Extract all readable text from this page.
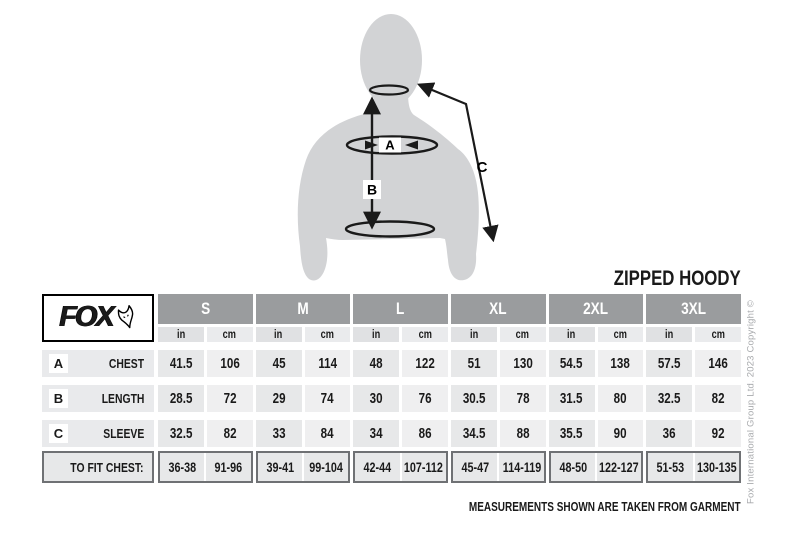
A
B
C
ZIPPED HOODY
FOX	S	M	L	XL	2XL	3XL
in	cm	in	cm	in	cm	in	cm	in	cm	in	cm
A	CHEST 41.5 106 45 114 48 122 51 130 54.5 138 57.5 146
B	LENGTH 28.5 72 29 74 30 76 30.5 78 31.5 80 32.5 82
C	SLEEVE 32.5 82 33 84 34 86 34.5 88 35.5 90 36 92
TO FIT CHEST: 36-38 91-96 39-41 99-104 42-44 107-112 45-47 114-119 48-50 122-127 51-53 130-135
MEASUREMENTS SHOWN ARE TAKEN FROM GARMENT
Fox International Group Ltd. 2023 Copyright ©
